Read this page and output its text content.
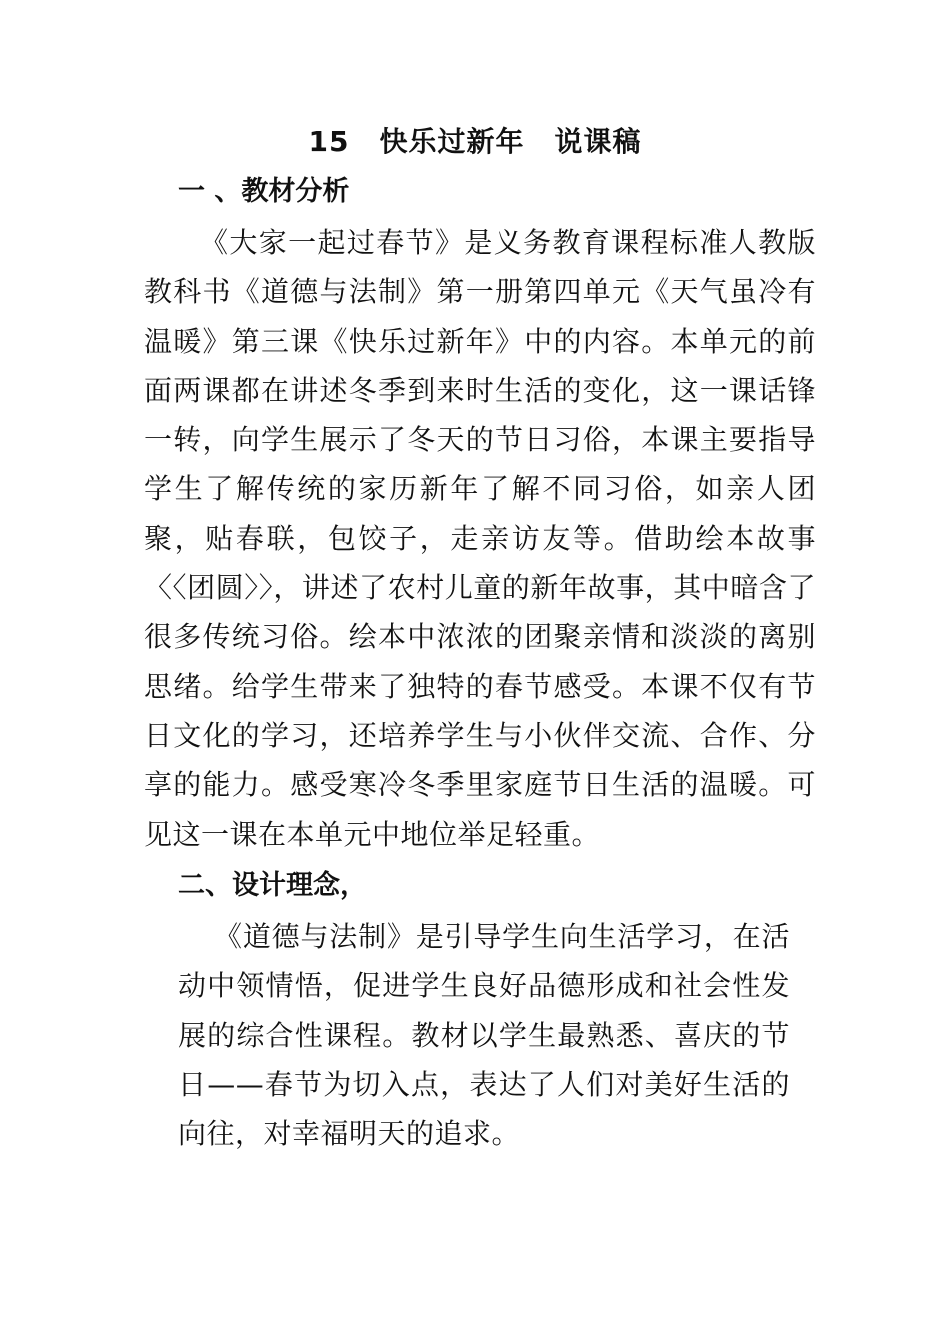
15 快乐过新年 说课稿
一 、教材分析
《大家一起过春节》是义务教育课程标准人教版教科书《道德与法制》第一册第四单元《天气虽冷有温暖》第三课《快乐过新年》中的内容。本单元的前面两课都在讲述冬季到来时生活的变化，这一课话锋一转，向学生展示了冬天的节日习俗，本课主要指导学生了解传统的家历新年了解不同习俗，如亲人团聚，贴春联，包饺子，走亲访友等。借助绘本故事〈〈团圆〉〉，讲述了农村儿童的新年故事，其中暗含了很多传统习俗。绘本中浓浓的团聚亲情和淡淡的离别思绪。给学生带来了独特的春节感受。本课不仅有节日文化的学习，还培养学生与小伙伴交流、合作、分享的能力。感受寒冷冬季里家庭节日生活的温暖。可见这一课在本单元中地位举足轻重。
二、设计理念，
《道德与法制》是引导学生向生活学习，在活动中领情悟，促进学生良好品德形成和社会性发展的综合性课程。教材以学生最熟悉、喜庆的节日——春节为切入点，表达了人们对美好生活的向往，对幸福明天的追求。
